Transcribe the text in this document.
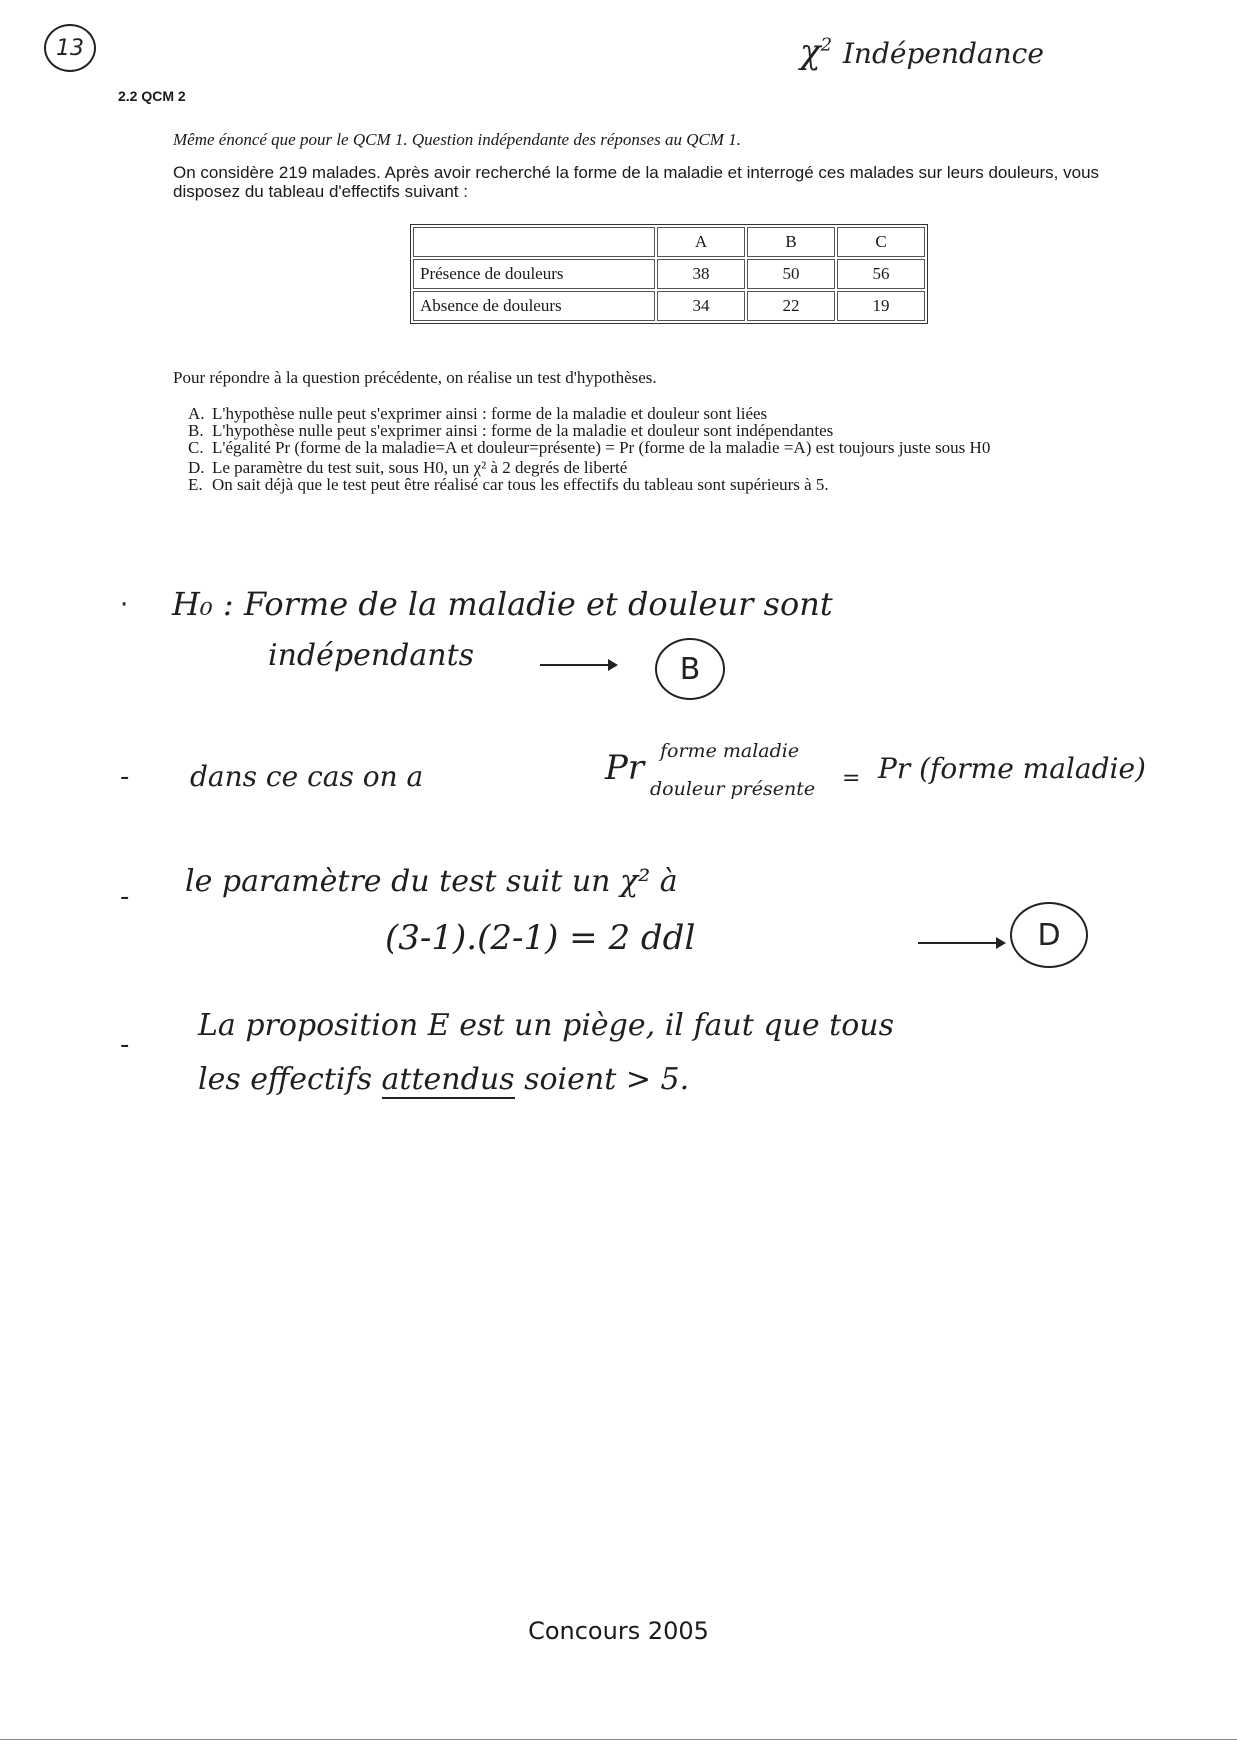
13	$\chi^2$ Indépendance
2.2 QCM 2
Même énoncé que pour le QCM 1. Question indépendante des réponses au QCM 1.
On considère 219 malades. Après avoir recherché la forme de la maladie et interrogé ces malades sur leurs douleurs, vous disposez du tableau d'effectifs suivant :
	A	B	C
Présence de douleurs	38	50	56
Absence de douleurs	34	22	19
Pour répondre à la question précédente, on réalise un test d'hypothèses.
A. L'hypothèse nulle peut s'exprimer ainsi : forme de la maladie et douleur sont liées
B. L'hypothèse nulle peut s'exprimer ainsi : forme de la maladie et douleur sont indépendantes
C. L'égalité Pr (forme de la maladie=A et douleur=présente) = Pr (forme de la maladie =A) est toujours juste sous H0
D. Le paramètre du test suit, sous H0, un χ² à 2 degrés de liberté
E. On sait déjà que le test peut être réalisé car tous les effectifs du tableau sont supérieurs à 5.
· H₀ : Forme de la maladie et douleur sont
indépendants	B
- dans ce cas on a	Pr forme maladie
douleur présente = Pr (forme maladie)
- le paramètre du test suit un χ² à
(3-1).(2-1) = 2 ddl	D
-
La proposition E est un piège, il faut que tous
les effectifs attendus soient > 5.
Concours 2005
